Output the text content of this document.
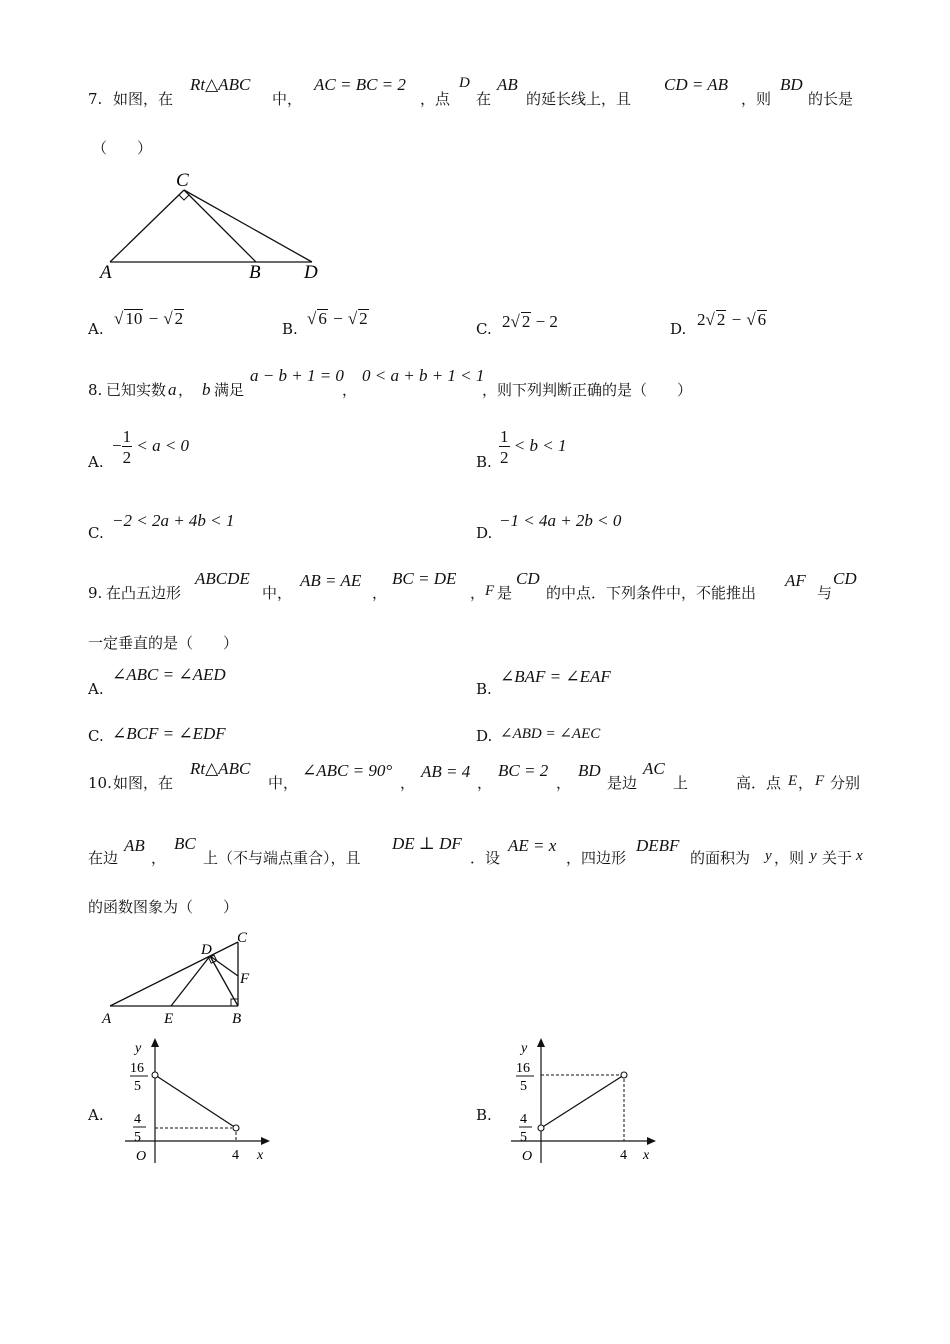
7. 如图，在
Rt△ABC
中，
AC = BC = 2
，点
D
在
AB
的延长线上，且
CD = AB
，则
BD
的长是
（　　）
C
A	B D
A.
√ 10 − √ 2
B.
√ 6 − √ 2
C. 2√ 2 − 2	D. 2√ 2 − √ 6
8. 已知实数 a ， b 满足
a − b + 1 = 0
，
0 < a + b + 1 < 1
，则下列判断正确的是（　　）
A.
− $\frac{1}{2} < a < 0$
B. $\frac{1}{2} < b < 1$
C.
−2 < 2a + 4b < 1
D.
−1 < 4a + 2b < 0
9. 在凸五边形
ABCDE
中，
AB = AE
，
BC = DE
， F 是
CD
的中点．下列条件中，不能推出
AF
与
CD
一定垂直的是（　　）
A.
∠ABC = ∠AED
B.
∠BAF = ∠EAF
C. ∠BCF = ∠EDF	D. ∠ABD = ∠AEC
10. 如图，在
Rt△ABC
中，
∠ABC = 90°
，
AB = 4
，
BC = 2
，
BD
是边
AC
上	高．点 E ， F 分别
在边
AB
，
BC
上（不与端点重合），且
DE ⊥ DF
．设
AE = x
，四边形
DEBF
的面积为 y ，则 y 关于 x
的函数图象为（　　）
D
C
F
A	E	B
A.
y
x
O
16
5
4
5
4
B.
y
x
O
16
5
4
5
4
